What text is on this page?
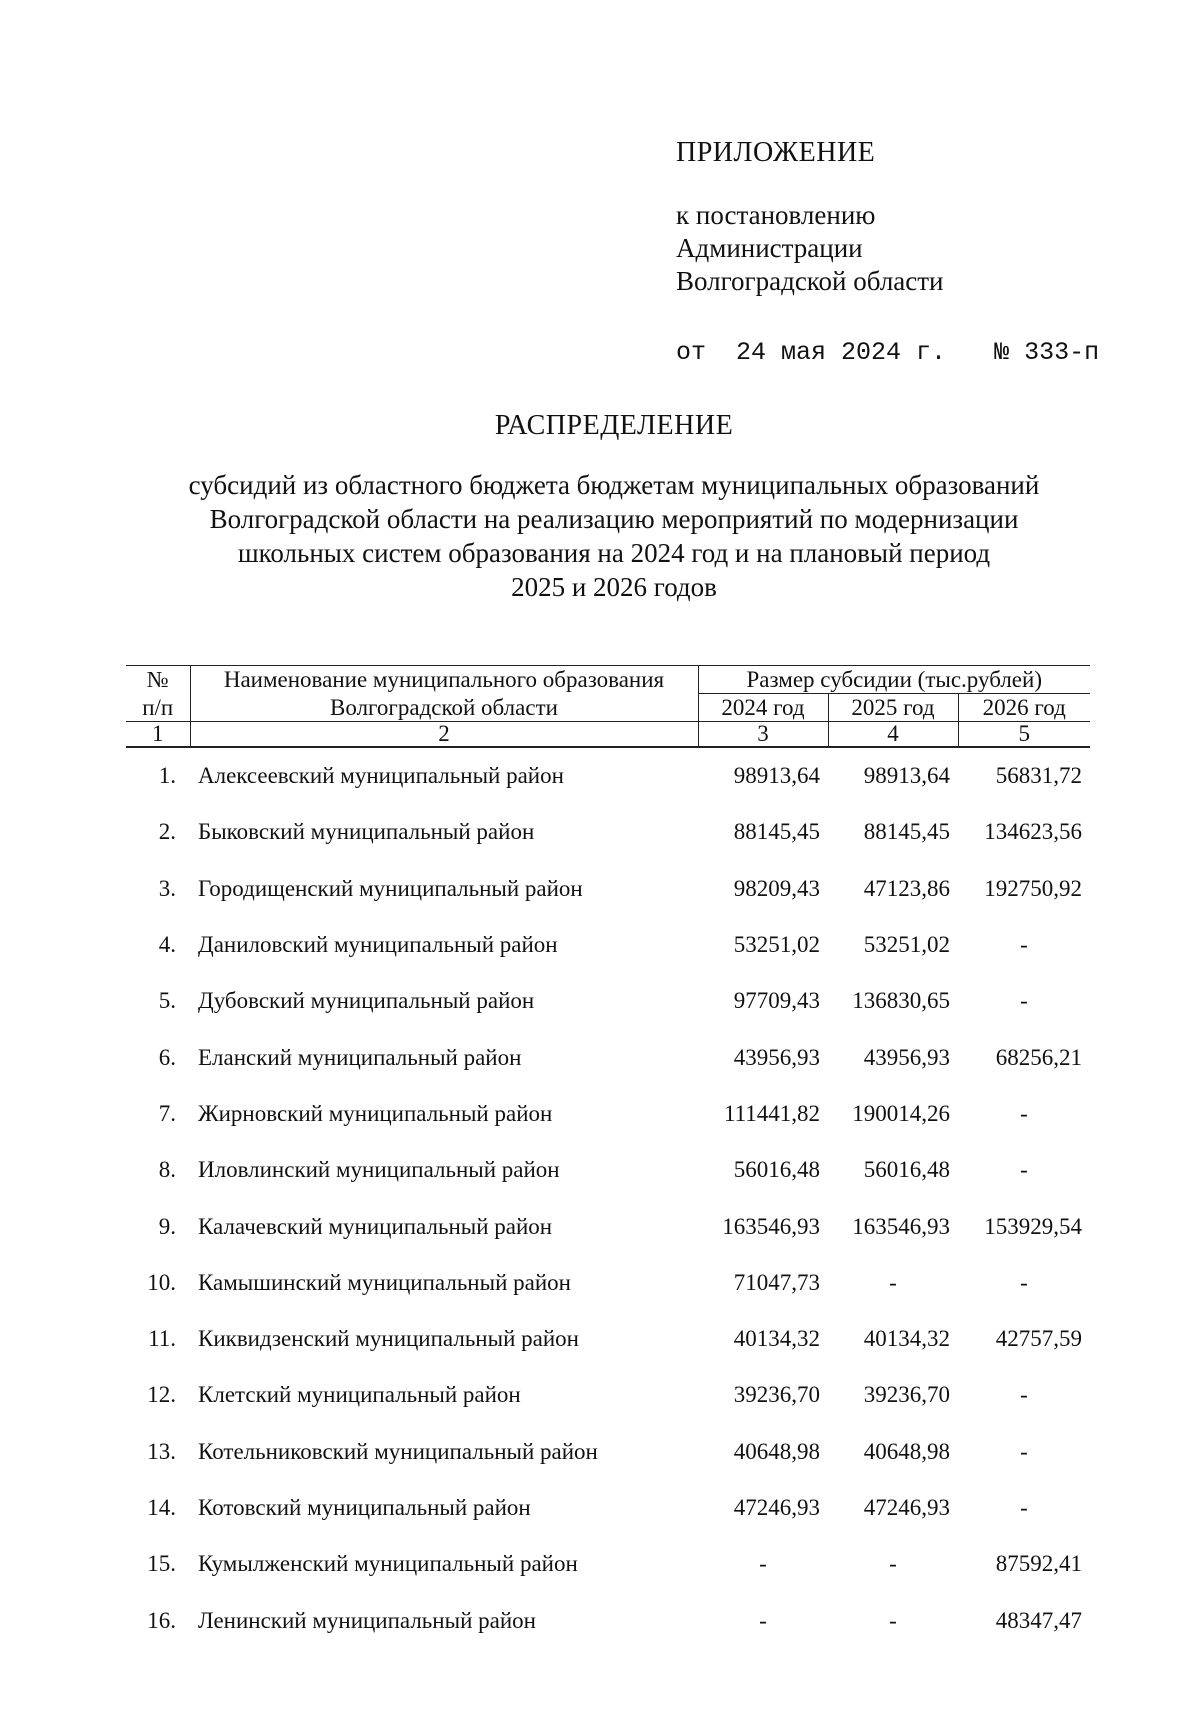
ПРИЛОЖЕНИЕ
к постановлению
Администрации
Волгоградской области
от 24 мая 2024 г. № 333-п
РАСПРЕДЕЛЕНИЕ
субсидий из областного бюджета бюджетам муниципальных образований
Волгоградской области на реализацию мероприятий по модернизации
школьных систем образования на 2024 год и на плановый период
2025 и 2026 годов
№	Наименование муниципального образования	Размер субсидии (тыс.рублей)		
п/п	Волгоградской области	2024 год	2025 год	2026 год
1	2	3	4	5
1.	Алексеевский муниципальный район	98913,64	98913,64	56831,72
2.	Быковский муниципальный район	88145,45	88145,45	134623,56
3.	Городищенский муниципальный район	98209,43	47123,86	192750,92
4.	Даниловский муниципальный район	53251,02	53251,02	-
5.	Дубовский муниципальный район	97709,43	136830,65	-
6.	Еланский муниципальный район	43956,93	43956,93	68256,21
7.	Жирновский муниципальный район	111441,82	190014,26	-
8.	Иловлинский муниципальный район	56016,48	56016,48	-
9.	Калачевский муниципальный район	163546,93	163546,93	153929,54
10.	Камышинский муниципальный район	71047,73	-	-
11.	Киквидзенский муниципальный район	40134,32	40134,32	42757,59
12.	Клетский муниципальный район	39236,70	39236,70	-
13.	Котельниковский муниципальный район	40648,98	40648,98	-
14.	Котовский муниципальный район	47246,93	47246,93	-
15.	Кумылженский муниципальный район	-	-	87592,41
16.	Ленинский муниципальный район	-	-	48347,47
